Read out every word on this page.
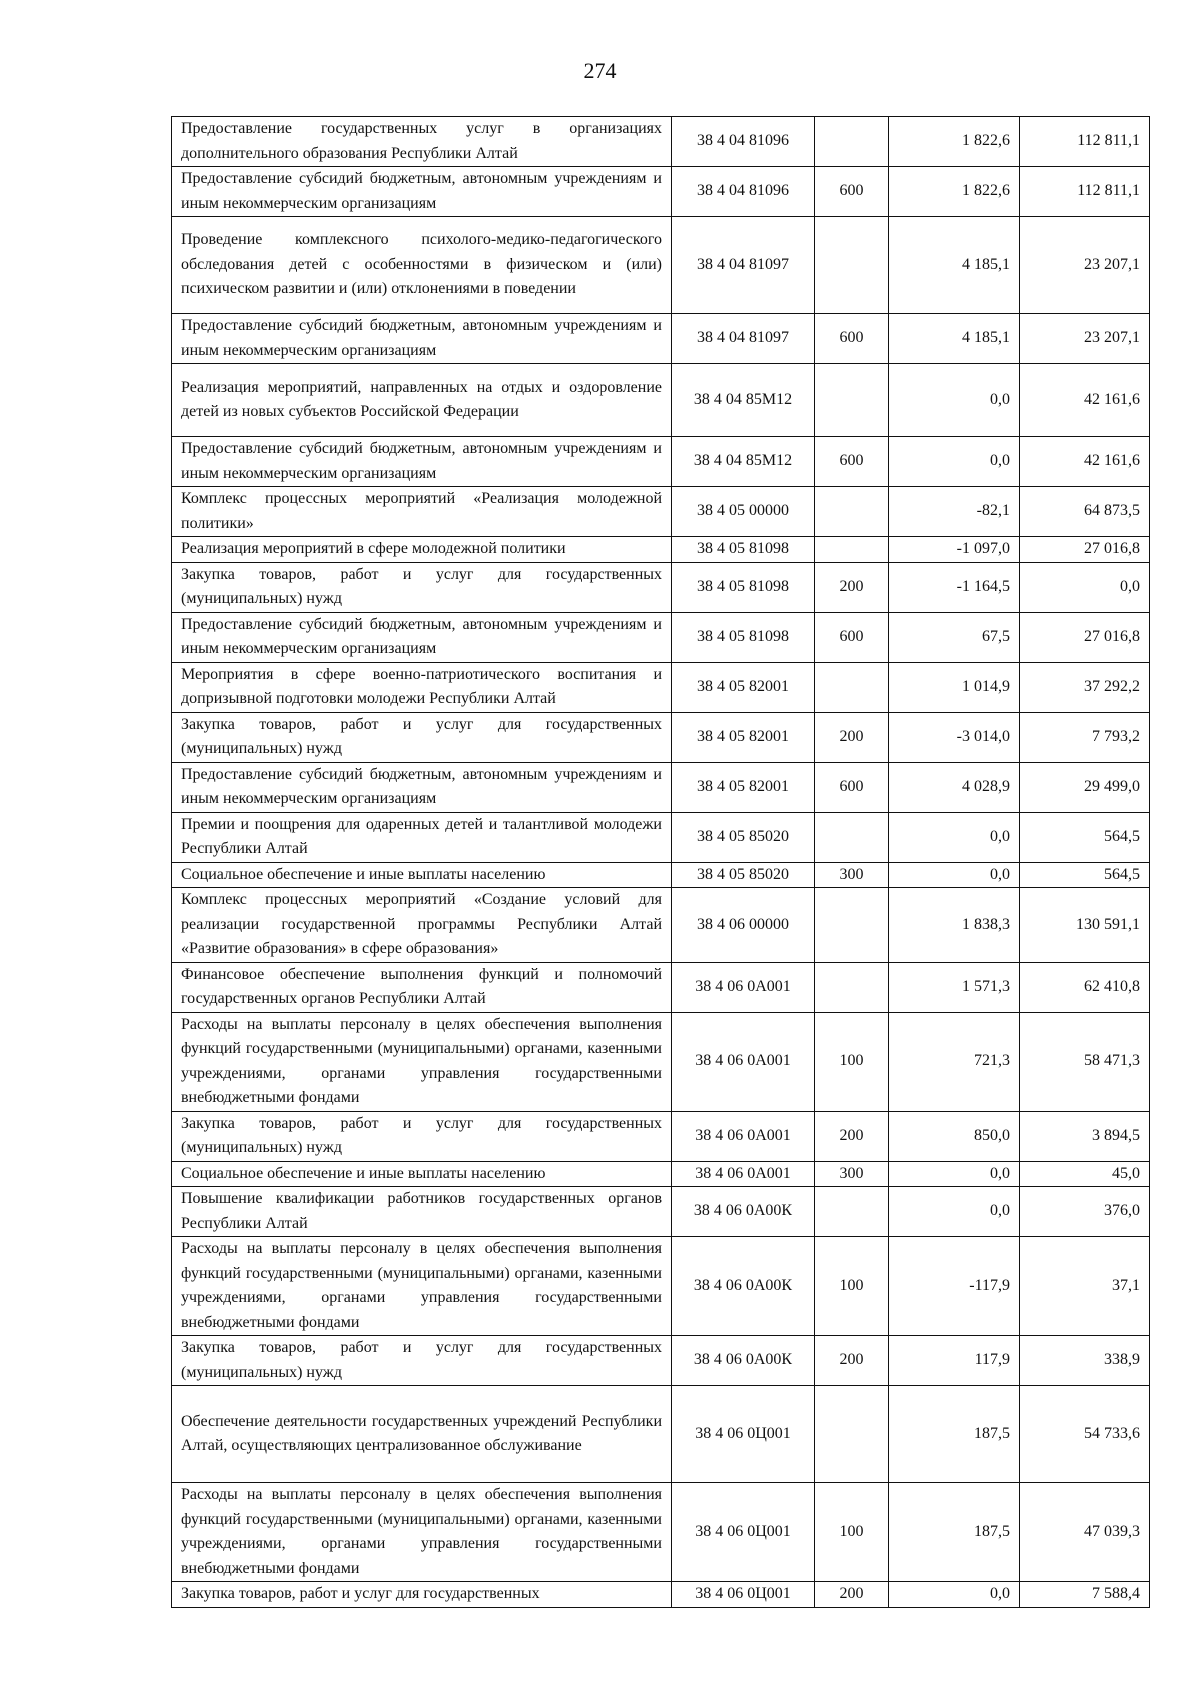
274
Предоставление государственных услуг в организациях дополнительного образования Республики Алтай	38 4 04 81096		1 822,6	112 811,1
Предоставление субсидий бюджетным, автономным учреждениям и иным некоммерческим организациям	38 4 04 81096	600	1 822,6	112 811,1
Проведение комплексного психолого-медико-педагогического обследования детей с особенностями в физическом и (или) психическом развитии и (или) отклонениями в поведении	38 4 04 81097		4 185,1	23 207,1
Предоставление субсидий бюджетным, автономным учреждениям и иным некоммерческим организациям	38 4 04 81097	600	4 185,1	23 207,1
Реализация мероприятий, направленных на отдых и оздоровление детей из новых субъектов Российской Федерации	38 4 04 85М12		0,0	42 161,6
Предоставление субсидий бюджетным, автономным учреждениям и иным некоммерческим организациям	38 4 04 85М12	600	0,0	42 161,6
Комплекс процессных мероприятий «Реализация молодежной политики»	38 4 05 00000		-82,1	64 873,5
Реализация мероприятий в сфере молодежной политики	38 4 05 81098		-1 097,0	27 016,8
Закупка товаров, работ и услуг для государственных (муниципальных) нужд	38 4 05 81098	200	-1 164,5	0,0
Предоставление субсидий бюджетным, автономным учреждениям и иным некоммерческим организациям	38 4 05 81098	600	67,5	27 016,8
Мероприятия в сфере военно-патриотического воспитания и допризывной подготовки молодежи Республики Алтай	38 4 05 82001		1 014,9	37 292,2
Закупка товаров, работ и услуг для государственных (муниципальных) нужд	38 4 05 82001	200	-3 014,0	7 793,2
Предоставление субсидий бюджетным, автономным учреждениям и иным некоммерческим организациям	38 4 05 82001	600	4 028,9	29 499,0
Премии и поощрения для одаренных детей и талантливой молодежи Республики Алтай	38 4 05 85020		0,0	564,5
Социальное обеспечение и иные выплаты населению	38 4 05 85020	300	0,0	564,5
Комплекс процессных мероприятий «Создание условий для реализации государственной программы Республики Алтай «Развитие образования» в сфере образования»	38 4 06 00000		1 838,3	130 591,1
Финансовое обеспечение выполнения функций и полномочий государственных органов Республики Алтай	38 4 06 0А001		1 571,3	62 410,8
Расходы на выплаты персоналу в целях обеспечения выполнения функций государственными (муниципальными) органами, казенными учреждениями, органами управления государственными внебюджетными фондами	38 4 06 0А001	100	721,3	58 471,3
Закупка товаров, работ и услуг для государственных (муниципальных) нужд	38 4 06 0А001	200	850,0	3 894,5
Социальное обеспечение и иные выплаты населению	38 4 06 0А001	300	0,0	45,0
Повышение квалификации работников государственных органов Республики Алтай	38 4 06 0А00К		0,0	376,0
Расходы на выплаты персоналу в целях обеспечения выполнения функций государственными (муниципальными) органами, казенными учреждениями, органами управления государственными внебюджетными фондами	38 4 06 0А00К	100	-117,9	37,1
Закупка товаров, работ и услуг для государственных (муниципальных) нужд	38 4 06 0А00К	200	117,9	338,9
Обеспечение деятельности государственных учреждений Республики Алтай, осуществляющих централизованное обслуживание	38 4 06 0Ц001		187,5	54 733,6
Расходы на выплаты персоналу в целях обеспечения выполнения функций государственными (муниципальными) органами, казенными учреждениями, органами управления государственными внебюджетными фондами	38 4 06 0Ц001	100	187,5	47 039,3
Закупка товаров, работ и услуг для государственных	38 4 06 0Ц001	200	0,0	7 588,4
